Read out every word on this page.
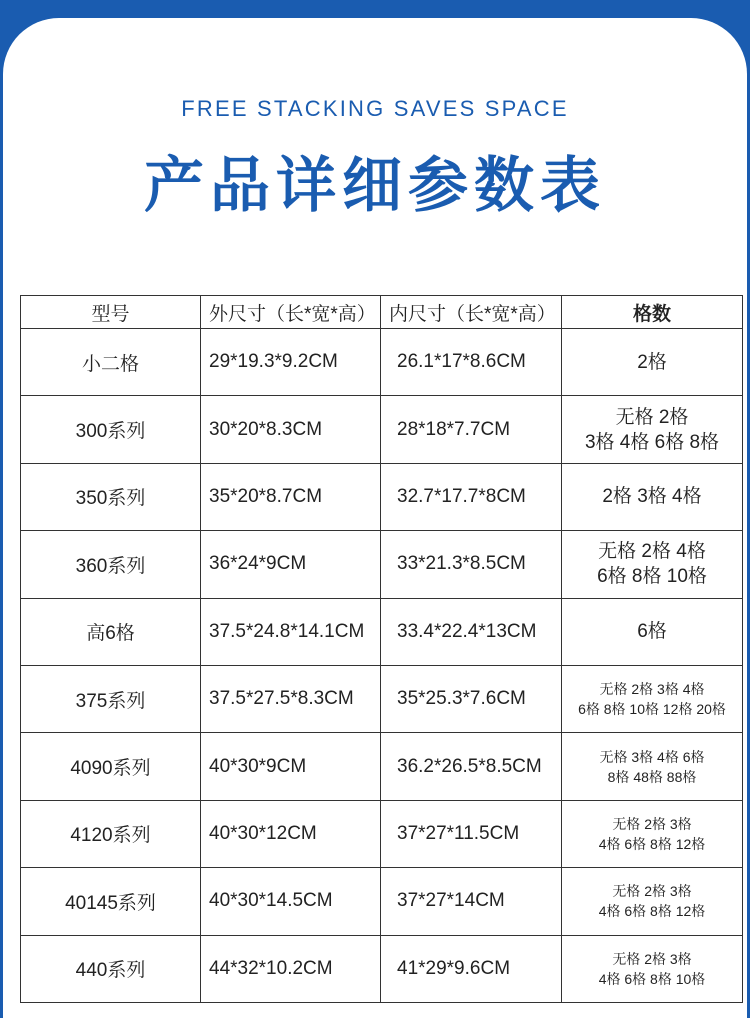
FREE STACKING SAVES SPACE
产品详细参数表
型号	外尺寸（长*宽*高）	内尺寸（长*宽*高）	格数
小二格	29*19.3*9.2CM	26.1*17*8.6CM	2格

300系列	30*20*8.3CM	28*18*7.7CM	无格 2格
3格 4格 6格 8格

350系列	35*20*8.7CM	32.7*17.7*8CM	2格 3格 4格

360系列	36*24*9CM	33*21.3*8.5CM	无格 2格 4格
6格 8格 10格

高6格	37.5*24.8*14.1CM	33.4*22.4*13CM	6格

375系列	37.5*27.5*8.3CM	35*25.3*7.6CM	无格 2格 3格 4格
6格 8格 10格 12格 20格

4090系列	40*30*9CM	36.2*26.5*8.5CM	无格 3格 4格 6格
8格 48格 88格

4120系列	40*30*12CM	37*27*11.5CM	无格 2格 3格
4格 6格 8格 12格

40145系列	40*30*14.5CM	37*27*14CM	无格 2格 3格
4格 6格 8格 12格

440系列	44*32*10.2CM	41*29*9.6CM	无格 2格 3格
4格 6格 8格 10格
